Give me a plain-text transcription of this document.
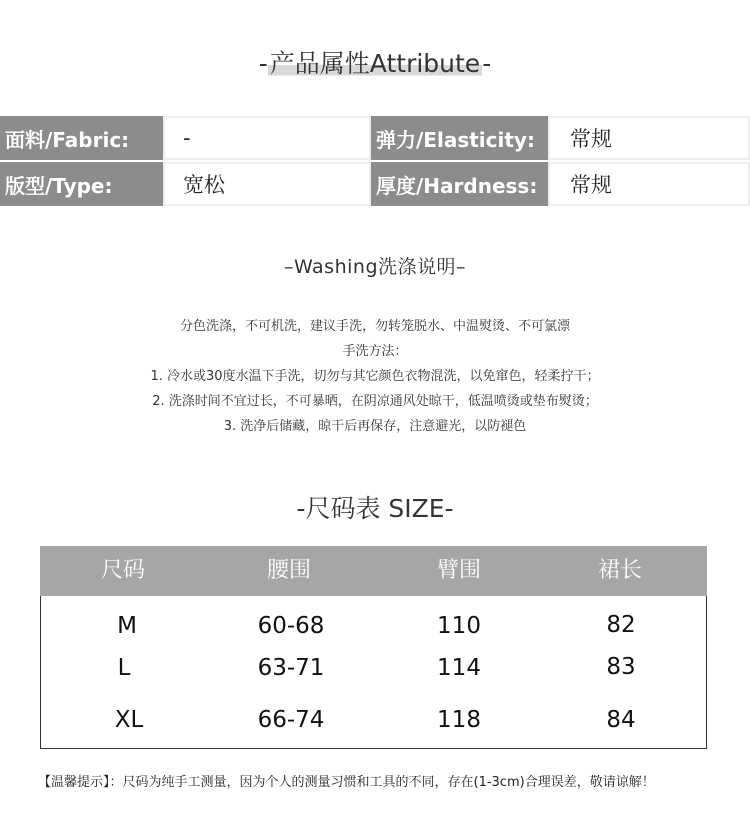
-产品属性Attribute-
面料/Fabric:	-	弹力/Elasticity:	常规
版型/Type:	宽松	厚度/Hardness:	常规
–Washing洗涤说明–
分色洗涤，不可机洗，建议手洗，勿转笼脱水、中温熨烫、不可氯漂
手洗方法：
1. 冷水或30度水温下手洗，切勿与其它颜色衣物混洗，以免窜色，轻柔拧干；
2. 洗涤时间不宜过长，不可暴晒，在阴凉通风处晾干，低温喷烫或垫布熨烫；
3. 洗净后储藏，晾干后再保存，注意避光，以防褪色
-尺码表 SIZE-
尺码	腰围	臂围	裙长
M	60-68	110	82
L	63-71	114	83
XL	66-74	118	84
【温馨提示】：尺码为纯手工测量，因为个人的测量习惯和工具的不同，存在(1-3cm)合理误差，敬请谅解！
